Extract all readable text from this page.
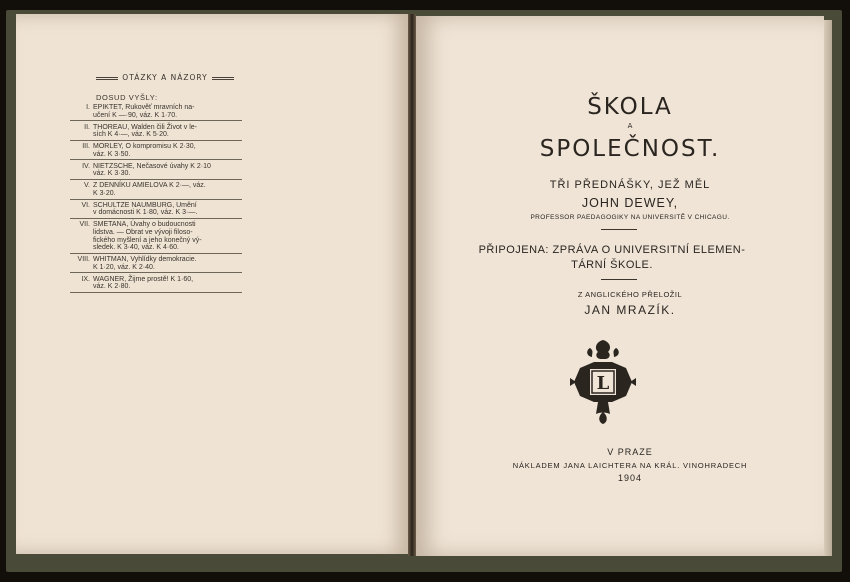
OTÁZKY A NÁZORY
DOSUD VYŠLY:
I. EPIKTET, Rukověť mravních na-
učení K —·90, váz. K 1·70.
II. THOREAU, Walden čili Život v le-
sích K 4·—, váz. K 5·20.
III. MORLEY, O kompromisu K 2·30,
váz. K 3·50.
IV. NIETZSCHE, Nečasové úvahy K 2·10
váz. K 3·30.
V. Z DENNÍKU AMIELOVA K 2·—, váz.
K 3·20.
VI. SCHULTZE NAUMBURG, Umění
v domácnosti K 1·80, váz. K 3·—.
VII. SMETANA, Úvahy o budoucnosti
lidstva. — Obrat ve vývoji filoso-
fického myšlení a jeho konečný vý-
sledek. K 3·40, váz. K 4·60.
VIII. WHITMAN, Vyhlídky demokracie.
K 1·20, váz. K 2·40.
IX. WAGNER, Žijme prostě! K 1·60,
váz. K 2·80.
ŠKOLA
A
SPOLEČNOST.
TŘI PŘEDNÁŠKY, JEŽ MĚL
JOHN DEWEY,
PROFESSOR PAEDAGOGIKY NA UNIVERSITĚ V CHICAGU.
PŘIPOJENA: ZPRÁVA O UNIVERSITNÍ ELEMEN-
TÁRNÍ ŠKOLE.
Z ANGLICKÉHO PŘELOŽIL
JAN MRAZÍK.
L
V PRAZE
NÁKLADEM JANA LAICHTERA NA KRÁL. VINOHRADECH
1904
